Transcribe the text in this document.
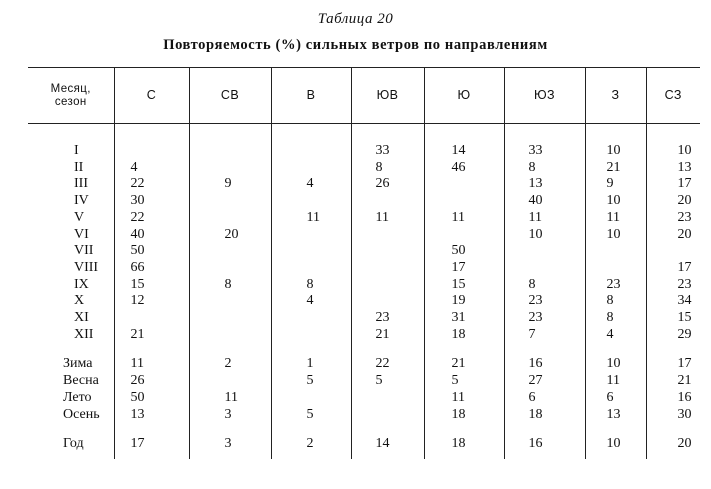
Таблица 20
Повторяемость (%) сильных ветров по направлениям
Месяц,
сезон	С	СВ	В	ЮВ	Ю	ЮЗ	З	СЗ
I				33	14	33	10	10
II	4			8	46	8	21	13
III	22	9	4	26		13	9	17
IV	30					40	10	20
V	22		11	11	11	11	11	23
VI	40	20				10	10	20
VII	50				50			
VIII	66				17			17
IX	15	8	8		15	8	23	23
X	12		4		19	23	8	34
XI				23	31	23	8	15
XII	21			21	18	7	4	29

Зима	11	2	1	22	21	16	10	17
Весна	26		5	5	5	27	11	21
Лето	50	11			11	6	6	16
Осень	13	3	5		18	18	13	30

Год	17	3	2	14	18	16	10	20
